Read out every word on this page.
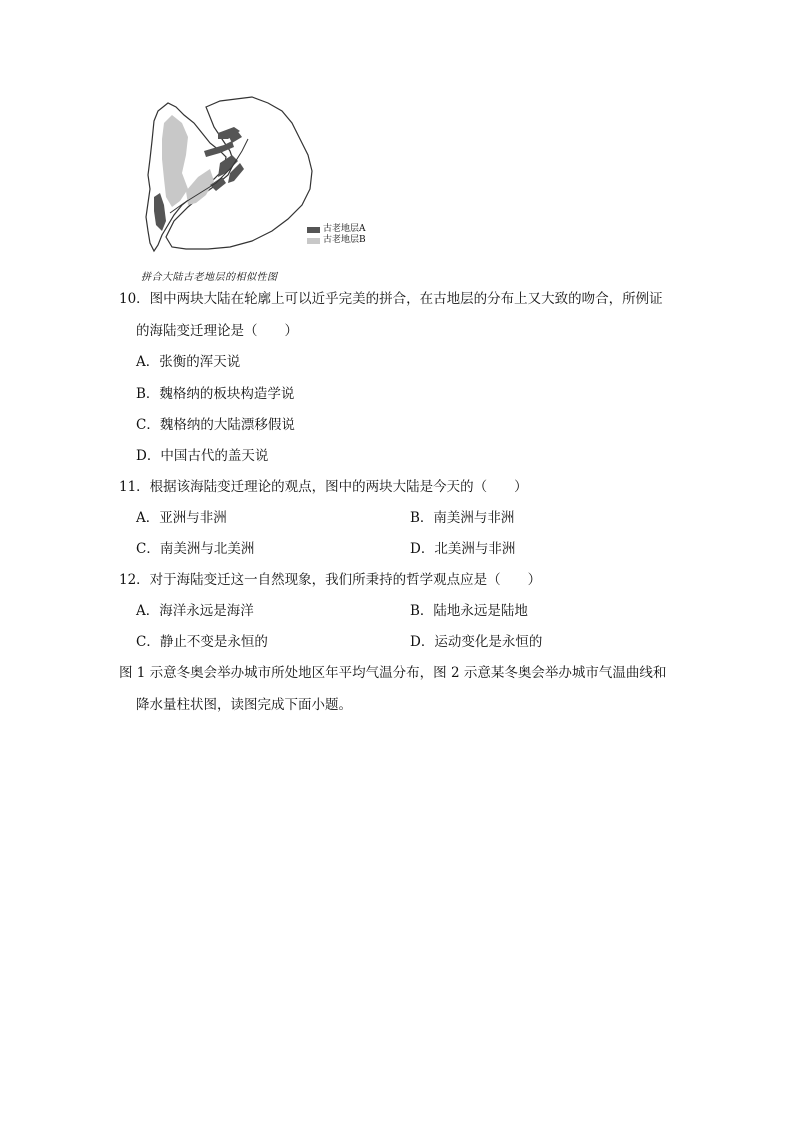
古老地层A
古老地层B
拼合大陆古老地层的相似性图
10．图中两块大陆在轮廓上可以近乎完美的拼合，在古地层的分布上又大致的吻合，所例证
的海陆变迁理论是（　　）
A．张衡的浑天说
B．魏格纳的板块构造学说
C．魏格纳的大陆漂移假说
D．中国古代的盖天说
11．根据该海陆变迁理论的观点，图中的两块大陆是今天的（　　）
A．亚洲与非洲	B．南美洲与非洲
C．南美洲与北美洲	D．北美洲与非洲
12．对于海陆变迁这一自然现象，我们所秉持的哲学观点应是（　　）
A．海洋永远是海洋	B．陆地永远是陆地
C．静止不变是永恒的	D．运动变化是永恒的
图 1 示意冬奥会举办城市所处地区年平均气温分布，图 2 示意某冬奥会举办城市气温曲线和
降水量柱状图，读图完成下面小题。
